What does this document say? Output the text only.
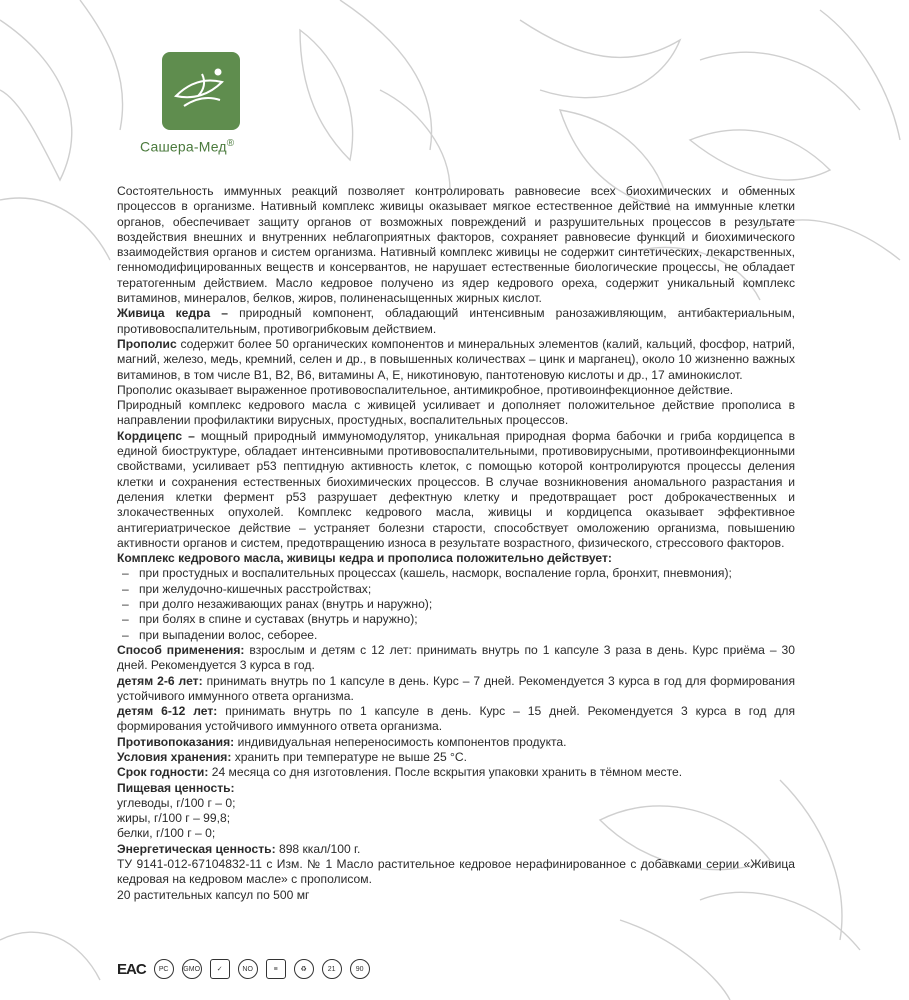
Сашера-Мед®

Состоятельность иммунных реакций позволяет контролировать равновесие всех биохимических и обменных процессов в организме. Нативный комплекс живицы оказывает мягкое естественное действие на иммунные клетки органов, обеспечивает защиту органов от возможных повреждений и разрушительных процессов в результате воздействия внешних и внутренних неблагоприятных факторов, сохраняет равновесие функций и биохимического взаимодействия органов и систем организма. Нативный комплекс живицы не содержит синтетических, лекарственных, генномодифицированных веществ и консервантов, не нарушает естественные биологические процессы, не обладает тератогенным действием. Масло кедровое получено из ядер кедрового ореха, содержит уникальный комплекс витаминов, минералов, белков, жиров, полиненасыщенных жирных кислот.

Живица кедра – природный компонент, обладающий интенсивным ранозаживляющим, антибактериальным, противовоспалительным, противогрибковым действием.

Прополис содержит более 50 органических компонентов и минеральных элементов (калий, кальций, фосфор, натрий, магний, железо, медь, кремний, селен и др., в повышенных количествах – цинк и марганец), около 10 жизненно важных витаминов, в том числе В1, В2, В6, витамины А, Е, никотиновую, пантотеновую кислоты и др., 17 аминокислот.

Прополис оказывает выраженное противовоспалительное, антимикробное, противоинфекционное действие.

Природный комплекс кедрового масла с живицей усиливает и дополняет положительное действие прополиса в направлении профилактики вирусных, простудных, воспалительных процессов.

Кордицепс – мощный природный иммуномодулятор, уникальная природная форма бабочки и гриба кордицепса в единой биоструктуре, обладает интенсивными противовоспалительными, противовирусными, противоинфекционными свойствами, усиливает р53 пептидную активность клеток, с помощью которой контролируются процессы деления клетки и сохранения естественных биохимических процессов. В случае возникновения аномального разрастания и деления клетки фермент р53 разрушает дефектную клетку и предотвращает рост доброкачественных и злокачественных опухолей. Комплекс кедрового масла, живицы и кордицепса оказывает эффективное антигериатрическое действие – устраняет болезни старости, способствует омоложению организма, повышению активности органов и систем, предотвращению износа в результате возрастного, физического, стрессового факторов.

Комплекс кедрового масла, живицы кедра и прополиса положительно действует:

– при простудных и воспалительных процессах (кашель, насморк, воспаление горла, бронхит, пневмония);
– при желудочно-кишечных расстройствах;
– при долго незаживающих ранах (внутрь и наружно);
– при болях в спине и суставах (внутрь и наружно);
– при выпадении волос, себорее.

Способ применения: взрослым и детям с 12 лет: принимать внутрь по 1 капсуле 3 раза в день. Курс приёма – 30 дней. Рекомендуется 3 курса в год.

детям 2-6 лет: принимать внутрь по 1 капсуле в день. Курс – 7 дней. Рекомендуется 3 курса в год для формирования устойчивого иммунного ответа организма.

детям 6-12 лет: принимать внутрь по 1 капсуле в день. Курс – 15 дней. Рекомендуется 3 курса в год для формирования устойчивого иммунного ответа организма.

Противопоказания: индивидуальная непереносимость компонентов продукта.

Условия хранения: хранить при температуре не выше 25 °С.

Срок годности: 24 месяца со дня изготовления. После вскрытия упаковки хранить в тёмном месте.

Пищевая ценность:

углеводы, г/100 г – 0;

жиры, г/100 г – 99,8;

белки, г/100 г – 0;

Энергетическая ценность: 898 ккал/100 г.

ТУ 9141-012-67104832-11 с Изм. № 1 Масло растительное кедровое нерафинированное с добавками серии «Живица кедровая на кедровом масле» с прополисом.

20 растительных капсул по 500 мг

EAC	РС	GMO	✓	NO	≡	♻	21	90
